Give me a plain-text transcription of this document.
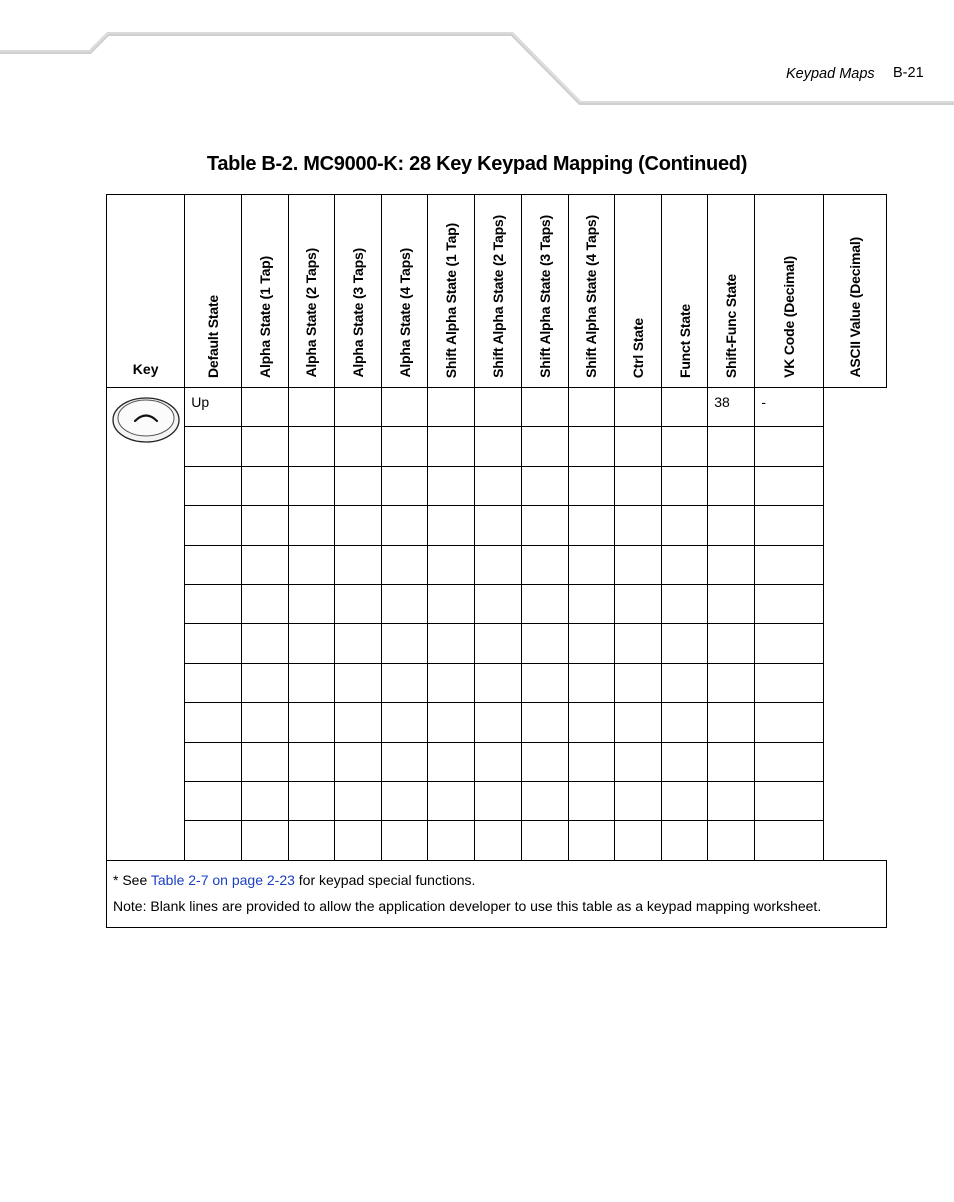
Keypad Maps B-21
Table B-2. MC9000-K: 28 Key Keypad Mapping (Continued)
Key	Default State	Alpha State (1 Tap)	Alpha State (2 Taps)	Alpha State (3 Taps)	Alpha State (4 Taps)	Shift Alpha State (1 Tap)	Shift Alpha State (2 Taps)	Shift Alpha State (3 Taps)	Shift Alpha State (4 Taps)	Ctrl State	Funct State	Shift-Func State	VK Code (Decimal)	ASCII Value (Decimal)
	Up											38	-	

* See Table 2-7 on page 2-23 for keypad special functions.
Note: Blank lines are provided to allow the application developer to use this table as a keypad mapping worksheet.														
